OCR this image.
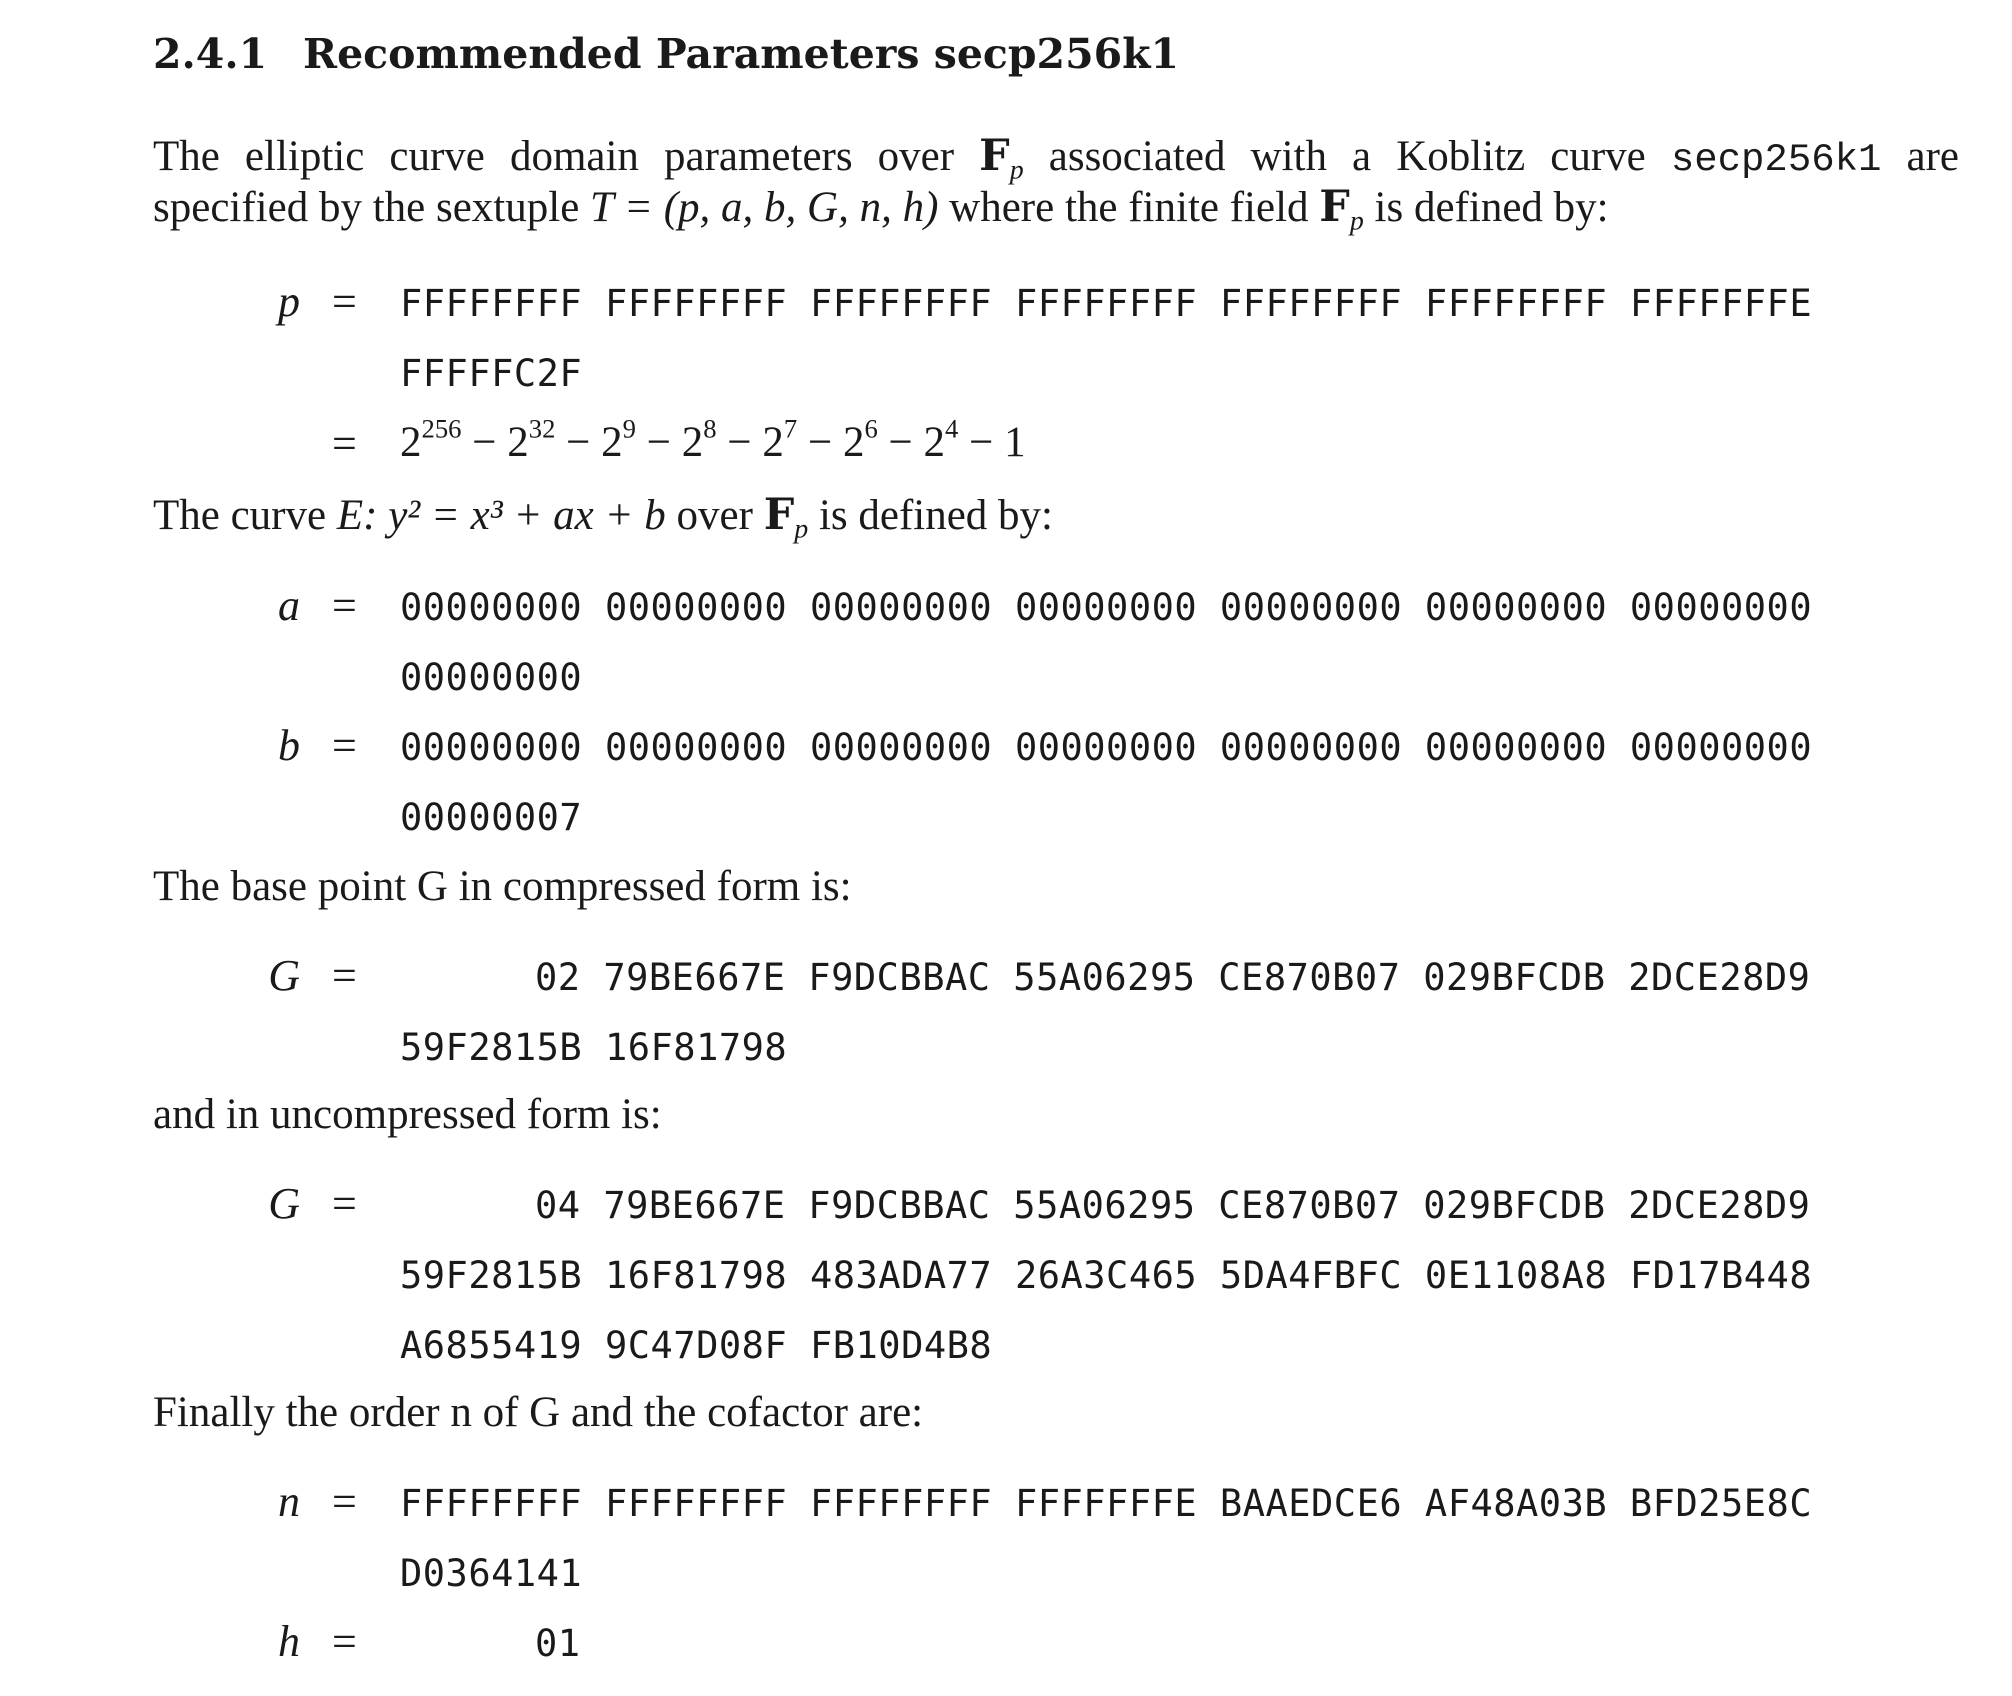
2.4.1 Recommended Parameters secp256k1
The elliptic curve domain parameters over $F_p$ associated with a Koblitz curve secp256k1 are
specified by the sextuple T = (p, a, b, G, n, h) where the finite field $F_p$ is defined by:
p = FFFFFFFF FFFFFFFF FFFFFFFF FFFFFFFF FFFFFFFF FFFFFFFF FFFFFFFE
FFFFFC2F
= $2^{256} - 2^{32} - 2^9 - 2^8 - 2^7 - 2^6 - 2^4 - 1$
The curve E: y² = x³ + ax + b over $F_p$ is defined by:
a = 00000000 00000000 00000000 00000000 00000000 00000000 00000000
00000000
b = 00000000 00000000 00000000 00000000 00000000 00000000 00000000
00000007
The base point G in compressed form is:
G =	02 79BE667E F9DCBBAC 55A06295 CE870B07 029BFCDB 2DCE28D9
59F2815B 16F81798
and in uncompressed form is:
G =	04 79BE667E F9DCBBAC 55A06295 CE870B07 029BFCDB 2DCE28D9
59F2815B 16F81798 483ADA77 26A3C465 5DA4FBFC 0E1108A8 FD17B448
A6855419 9C47D08F FB10D4B8
Finally the order n of G and the cofactor are:
n = FFFFFFFF FFFFFFFF FFFFFFFF FFFFFFFE BAAEDCE6 AF48A03B BFD25E8C
D0364141
h =	01
